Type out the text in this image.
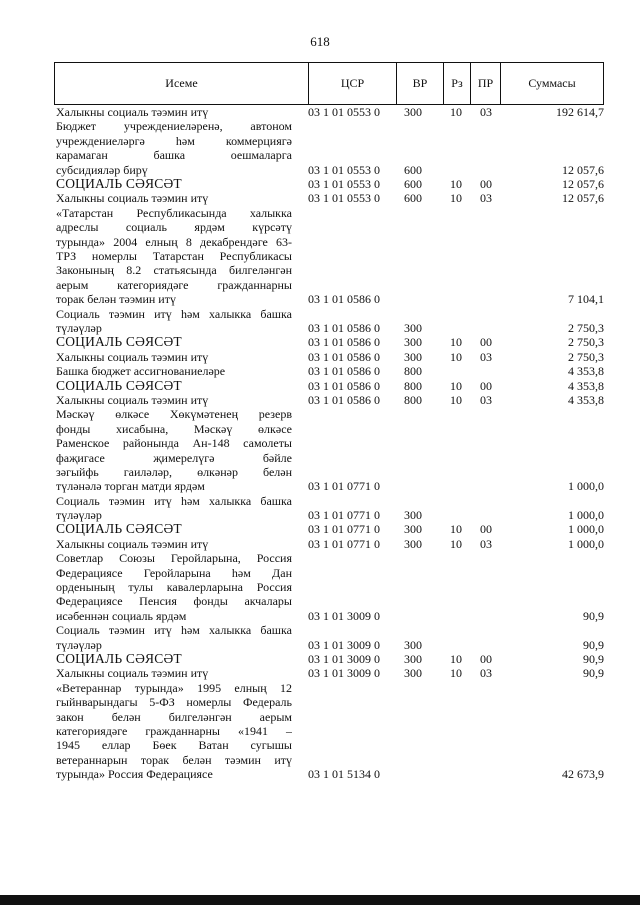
618
Исеме	ЦСР	ВР	Рз	ПР	Суммасы
Халыкны социаль тәэмин итү	03 1 01 0553 0	300	10	03	192 614,7
Бюджет учреждениеләренә, автоном
учреждениеләргә һәм коммерциягә
карамаган башка оешмаларга
субсидияләр бирү	03 1 01 0553 0	600	12 057,6
СОЦИАЛЬ СӘЯСӘТ	03 1 01 0553 0	600	10	00	12 057,6
Халыкны социаль тәэмин итү	03 1 01 0553 0	600	10	03	12 057,6
«Татарстан Республикасында халыкка
адреслы социаль ярдәм күрсәтү
турында» 2004 елның 8 декабрендәге 63-
ТРЗ номерлы Татарстан Республикасы
Законының 8.2 статьясында билгеләнгән
аерым категориядәге гражданнарны
торак белән тәэмин итү	03 1 01 0586 0	7 104,1
Социаль тәэмин итү һәм халыкка башка
түләүләр	03 1 01 0586 0	300	2 750,3
СОЦИАЛЬ СӘЯСӘТ	03 1 01 0586 0	300	10	00	2 750,3
Халыкны социаль тәэмин итү	03 1 01 0586 0	300	10	03	2 750,3
Башка бюджет ассигнованиеләре	03 1 01 0586 0	800	4 353,8
СОЦИАЛЬ СӘЯСӘТ	03 1 01 0586 0	800	10	00	4 353,8
Халыкны социаль тәэмин итү	03 1 01 0586 0	800	10	03	4 353,8
Мәскәү өлкәсе Хөкүмәтенең резерв
фонды хисабына, Мәскәү өлкәсе
Раменское районында Ан-148 самолеты
фаҗигасе җимерелүгә бәйле
зәгыйфь гаиләләр, өлкәнәр белән
түләнәлә торган матди ярдәм	03 1 01 0771 0	1 000,0
Социаль тәэмин итү һәм халыкка башка
түләүләр	03 1 01 0771 0	300	1 000,0
СОЦИАЛЬ СӘЯСӘТ	03 1 01 0771 0	300	10	00	1 000,0
Халыкны социаль тәэмин итү	03 1 01 0771 0	300	10	03	1 000,0
Советлар Союзы Геройларына, Россия
Федерациясе Геройларына һәм Дан
орденының тулы кавалерларына Россия
Федерациясе Пенсия фонды акчалары
исәбеннән социаль ярдәм	03 1 01 3009 0	90,9
Социаль тәэмин итү һәм халыкка башка
түләүләр	03 1 01 3009 0	300	90,9
СОЦИАЛЬ СӘЯСӘТ	03 1 01 3009 0	300	10	00	90,9
Халыкны социаль тәэмин итү	03 1 01 3009 0	300	10	03	90,9
«Ветераннар турында» 1995 елның 12
гыйнварындагы 5-ФЗ номерлы Федераль
закон белән билгеләнгән аерым
категориядәге гражданнарны «1941 –
1945 еллар Бөек Ватан сугышы
ветераннарын торак белән тәэмин итү
турында» Россия Федерациясе	03 1 01 5134 0	42 673,9
